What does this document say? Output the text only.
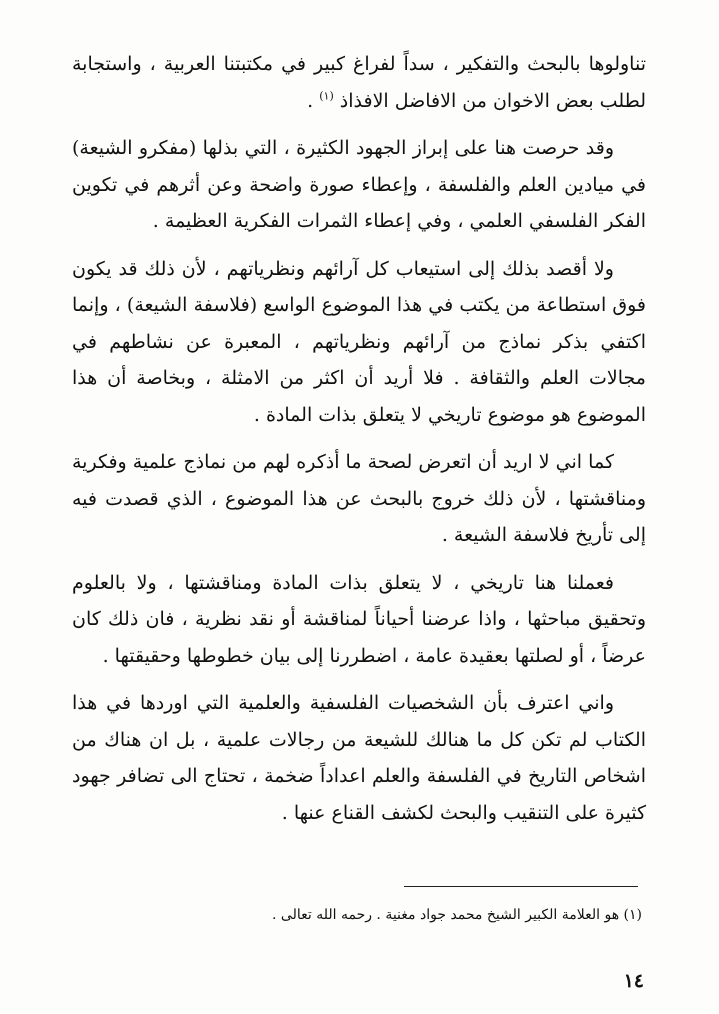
تناولوها بالبحث والتفكير ، سداً لفراغ كبير في مكتبتنا العربية ، واستجابة لطلب بعض الاخوان من الافاضل الافذاذ $^{(١)}$ .

وقد حرصت هنا على إبراز الجهود الكثيرة ، التي بذلها (مفكرو الشيعة) في ميادين العلم والفلسفة ، وإعطاء صورة واضحة وعن أثرهم في تكوين الفكر الفلسفي العلمي ، وفي إعطاء الثمرات الفكرية العظيمة .

ولا أقصد بذلك إلى استيعاب كل آرائهم ونظرياتهم ، لأن ذلك قد يكون فوق استطاعة من يكتب في هذا الموضوع الواسع (فلاسفة الشيعة) ، وإنما اكتفي بذكر نماذج من آرائهم ونظرياتهم ، المعبرة عن نشاطهم في مجالات العلم والثقافة . فلا أريد أن اكثر من الامثلة ، وبخاصة أن هذا الموضوع هو موضوع تاريخي لا يتعلق بذات المادة .

كما اني لا اريد أن اتعرض لصحة ما أذكره لهم من نماذج علمية وفكرية ومناقشتها ، لأن ذلك خروج بالبحث عن هذا الموضوع ، الذي قصدت فيه إلى تأريخ فلاسفة الشيعة .

فعملنا هنا تاريخي ، لا يتعلق بذات المادة ومناقشتها ، ولا بالعلوم وتحقيق مباحثها ، واذا عرضنا أحياناً لمناقشة أو نقد نظرية ، فان ذلك كان عرضاً ، أو لصلتها بعقيدة عامة ، اضطررنا إلى بيان خطوطها وحقيقتها .

واني اعترف بأن الشخصيات الفلسفية والعلمية التي اوردها في هذا الكتاب لم تكن كل ما هنالك للشيعة من رجالات علمية ، بل ان هناك من اشخاص التاريخ في الفلسفة والعلم اعداداً ضخمة ، تحتاج الى تضافر جهود كثيرة على التنقيب والبحث لكشف القناع عنها .

(١) هو العلامة الكبير الشيخ محمد جواد مغنية . رحمه الله تعالى .
١٤
